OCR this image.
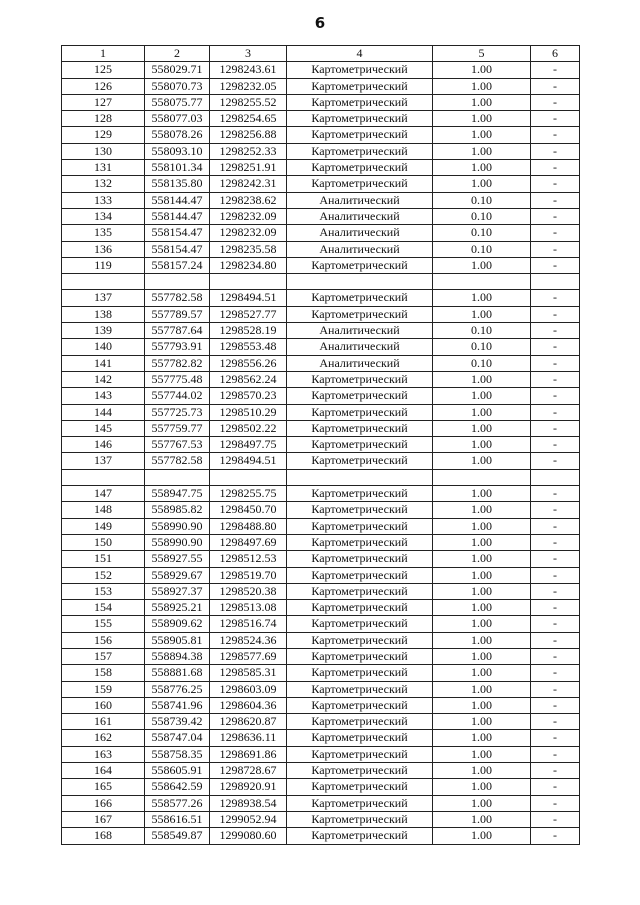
6
1	2	3	4	5	6
125	558029.71	1298243.61	Картометрический	1.00	-
126	558070.73	1298232.05	Картометрический	1.00	-
127	558075.77	1298255.52	Картометрический	1.00	-
128	558077.03	1298254.65	Картометрический	1.00	-
129	558078.26	1298256.88	Картометрический	1.00	-
130	558093.10	1298252.33	Картометрический	1.00	-
131	558101.34	1298251.91	Картометрический	1.00	-
132	558135.80	1298242.31	Картометрический	1.00	-
133	558144.47	1298238.62	Аналитический	0.10	-
134	558144.47	1298232.09	Аналитический	0.10	-
135	558154.47	1298232.09	Аналитический	0.10	-
136	558154.47	1298235.58	Аналитический	0.10	-
119	558157.24	1298234.80	Картометрический	1.00	-

137	557782.58	1298494.51	Картометрический	1.00	-
138	557789.57	1298527.77	Картометрический	1.00	-
139	557787.64	1298528.19	Аналитический	0.10	-
140	557793.91	1298553.48	Аналитический	0.10	-
141	557782.82	1298556.26	Аналитический	0.10	-
142	557775.48	1298562.24	Картометрический	1.00	-
143	557744.02	1298570.23	Картометрический	1.00	-
144	557725.73	1298510.29	Картометрический	1.00	-
145	557759.77	1298502.22	Картометрический	1.00	-
146	557767.53	1298497.75	Картометрический	1.00	-
137	557782.58	1298494.51	Картометрический	1.00	-

147	558947.75	1298255.75	Картометрический	1.00	-
148	558985.82	1298450.70	Картометрический	1.00	-
149	558990.90	1298488.80	Картометрический	1.00	-
150	558990.90	1298497.69	Картометрический	1.00	-
151	558927.55	1298512.53	Картометрический	1.00	-
152	558929.67	1298519.70	Картометрический	1.00	-
153	558927.37	1298520.38	Картометрический	1.00	-
154	558925.21	1298513.08	Картометрический	1.00	-
155	558909.62	1298516.74	Картометрический	1.00	-
156	558905.81	1298524.36	Картометрический	1.00	-
157	558894.38	1298577.69	Картометрический	1.00	-
158	558881.68	1298585.31	Картометрический	1.00	-
159	558776.25	1298603.09	Картометрический	1.00	-
160	558741.96	1298604.36	Картометрический	1.00	-
161	558739.42	1298620.87	Картометрический	1.00	-
162	558747.04	1298636.11	Картометрический	1.00	-
163	558758.35	1298691.86	Картометрический	1.00	-
164	558605.91	1298728.67	Картометрический	1.00	-
165	558642.59	1298920.91	Картометрический	1.00	-
166	558577.26	1298938.54	Картометрический	1.00	-
167	558616.51	1299052.94	Картометрический	1.00	-
168	558549.87	1299080.60	Картометрический	1.00	-
